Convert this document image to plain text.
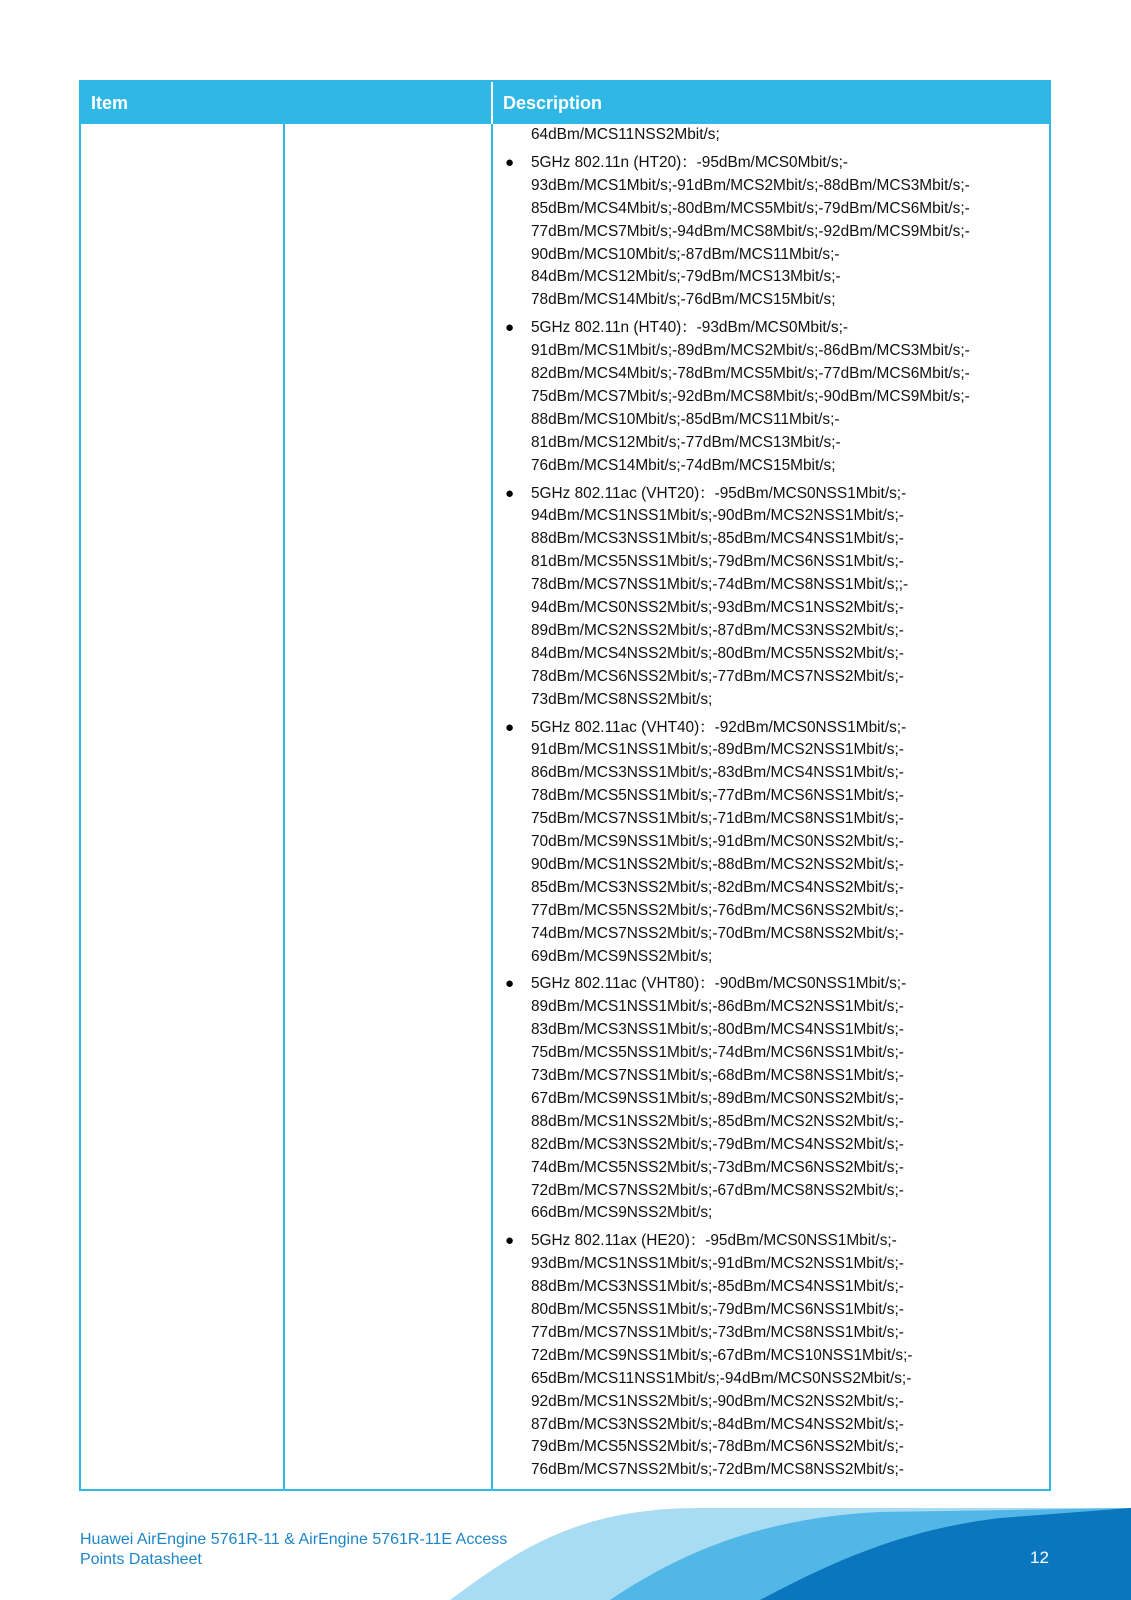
Item	Description
64dBm/MCS11NSS2Mbit/s;
● 5GHz 802.11n (HT20)：-95dBm/MCS0Mbit/s;-
93dBm/MCS1Mbit/s;-91dBm/MCS2Mbit/s;-88dBm/MCS3Mbit/s;-
85dBm/MCS4Mbit/s;-80dBm/MCS5Mbit/s;-79dBm/MCS6Mbit/s;-
77dBm/MCS7Mbit/s;-94dBm/MCS8Mbit/s;-92dBm/MCS9Mbit/s;-
90dBm/MCS10Mbit/s;-87dBm/MCS11Mbit/s;-
84dBm/MCS12Mbit/s;-79dBm/MCS13Mbit/s;-
78dBm/MCS14Mbit/s;-76dBm/MCS15Mbit/s;
● 5GHz 802.11n (HT40)：-93dBm/MCS0Mbit/s;-
91dBm/MCS1Mbit/s;-89dBm/MCS2Mbit/s;-86dBm/MCS3Mbit/s;-
82dBm/MCS4Mbit/s;-78dBm/MCS5Mbit/s;-77dBm/MCS6Mbit/s;-
75dBm/MCS7Mbit/s;-92dBm/MCS8Mbit/s;-90dBm/MCS9Mbit/s;-
88dBm/MCS10Mbit/s;-85dBm/MCS11Mbit/s;-
81dBm/MCS12Mbit/s;-77dBm/MCS13Mbit/s;-
76dBm/MCS14Mbit/s;-74dBm/MCS15Mbit/s;
● 5GHz 802.11ac (VHT20)：-95dBm/MCS0NSS1Mbit/s;-
94dBm/MCS1NSS1Mbit/s;-90dBm/MCS2NSS1Mbit/s;-
88dBm/MCS3NSS1Mbit/s;-85dBm/MCS4NSS1Mbit/s;-
81dBm/MCS5NSS1Mbit/s;-79dBm/MCS6NSS1Mbit/s;-
78dBm/MCS7NSS1Mbit/s;-74dBm/MCS8NSS1Mbit/s;;-
94dBm/MCS0NSS2Mbit/s;-93dBm/MCS1NSS2Mbit/s;-
89dBm/MCS2NSS2Mbit/s;-87dBm/MCS3NSS2Mbit/s;-
84dBm/MCS4NSS2Mbit/s;-80dBm/MCS5NSS2Mbit/s;-
78dBm/MCS6NSS2Mbit/s;-77dBm/MCS7NSS2Mbit/s;-
73dBm/MCS8NSS2Mbit/s;
● 5GHz 802.11ac (VHT40)：-92dBm/MCS0NSS1Mbit/s;-
91dBm/MCS1NSS1Mbit/s;-89dBm/MCS2NSS1Mbit/s;-
86dBm/MCS3NSS1Mbit/s;-83dBm/MCS4NSS1Mbit/s;-
78dBm/MCS5NSS1Mbit/s;-77dBm/MCS6NSS1Mbit/s;-
75dBm/MCS7NSS1Mbit/s;-71dBm/MCS8NSS1Mbit/s;-
70dBm/MCS9NSS1Mbit/s;-91dBm/MCS0NSS2Mbit/s;-
90dBm/MCS1NSS2Mbit/s;-88dBm/MCS2NSS2Mbit/s;-
85dBm/MCS3NSS2Mbit/s;-82dBm/MCS4NSS2Mbit/s;-
77dBm/MCS5NSS2Mbit/s;-76dBm/MCS6NSS2Mbit/s;-
74dBm/MCS7NSS2Mbit/s;-70dBm/MCS8NSS2Mbit/s;-
69dBm/MCS9NSS2Mbit/s;
● 5GHz 802.11ac (VHT80)：-90dBm/MCS0NSS1Mbit/s;-
89dBm/MCS1NSS1Mbit/s;-86dBm/MCS2NSS1Mbit/s;-
83dBm/MCS3NSS1Mbit/s;-80dBm/MCS4NSS1Mbit/s;-
75dBm/MCS5NSS1Mbit/s;-74dBm/MCS6NSS1Mbit/s;-
73dBm/MCS7NSS1Mbit/s;-68dBm/MCS8NSS1Mbit/s;-
67dBm/MCS9NSS1Mbit/s;-89dBm/MCS0NSS2Mbit/s;-
88dBm/MCS1NSS2Mbit/s;-85dBm/MCS2NSS2Mbit/s;-
82dBm/MCS3NSS2Mbit/s;-79dBm/MCS4NSS2Mbit/s;-
74dBm/MCS5NSS2Mbit/s;-73dBm/MCS6NSS2Mbit/s;-
72dBm/MCS7NSS2Mbit/s;-67dBm/MCS8NSS2Mbit/s;-
66dBm/MCS9NSS2Mbit/s;
● 5GHz 802.11ax (HE20)：-95dBm/MCS0NSS1Mbit/s;-
93dBm/MCS1NSS1Mbit/s;-91dBm/MCS2NSS1Mbit/s;-
88dBm/MCS3NSS1Mbit/s;-85dBm/MCS4NSS1Mbit/s;-
80dBm/MCS5NSS1Mbit/s;-79dBm/MCS6NSS1Mbit/s;-
77dBm/MCS7NSS1Mbit/s;-73dBm/MCS8NSS1Mbit/s;-
72dBm/MCS9NSS1Mbit/s;-67dBm/MCS10NSS1Mbit/s;-
65dBm/MCS11NSS1Mbit/s;-94dBm/MCS0NSS2Mbit/s;-
92dBm/MCS1NSS2Mbit/s;-90dBm/MCS2NSS2Mbit/s;-
87dBm/MCS3NSS2Mbit/s;-84dBm/MCS4NSS2Mbit/s;-
79dBm/MCS5NSS2Mbit/s;-78dBm/MCS6NSS2Mbit/s;-
76dBm/MCS7NSS2Mbit/s;-72dBm/MCS8NSS2Mbit/s;-
Huawei AirEngine 5761R-11 & AirEngine 5761R-11E Access
Points Datasheet	12
